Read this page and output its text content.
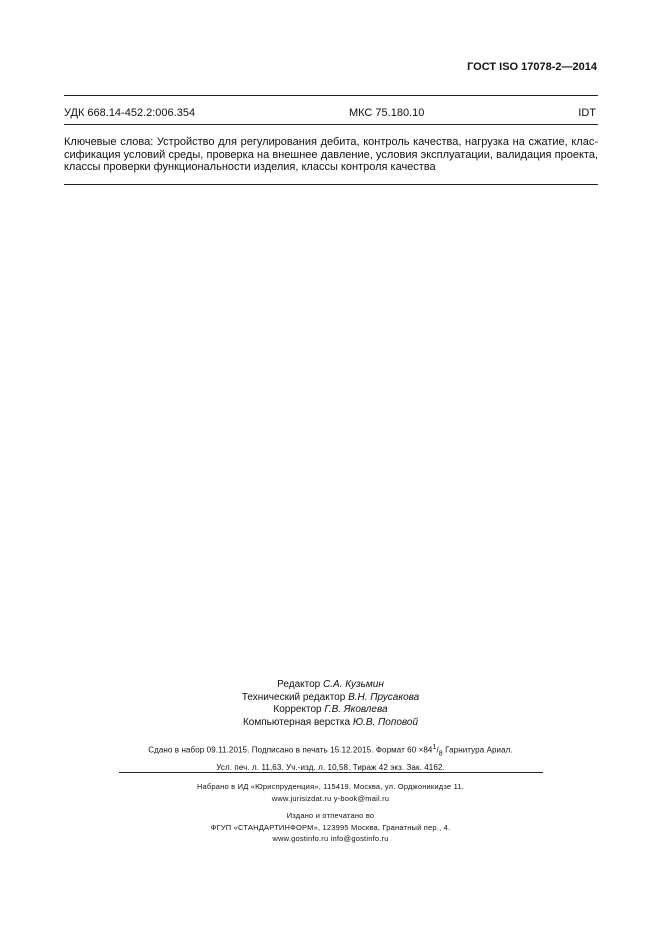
ГОСТ ISO 17078-2—2014
УДК 668.14-452.2:006.354	МКС 75.180.10	IDT
Ключевые слова: Устройство для регулирования дебита, контроль качества, нагрузка на сжатие, клас-
сификация условий среды, проверка на внешнее давление, условия эксплуатации, валидация проекта,
классы проверки функциональности изделия, классы контроля качества
Редактор С.А. Кузьмин
Технический редактор В.Н. Прусакова
Корректор Г.В. Яковлева
Компьютерная верстка Ю.В. Поповой
Сдано в набор 09.11.2015. Подписано в печать 15.12.2015. Формат $60 \times 84^1/_8$ Гарнитура Ариал.
Усл. печ. л. 11,63. Уч.-изд. л. 10,58. Тираж 42 экз. Зак. 4162.
Набрано в ИД «Юриспруденция», 115419, Москва, ул. Орджоникидзе 11.
www.jurisizdat.ru y-book@mail.ru
Издано и отпечатано во
ФГУП «СТАНДАРТИНФОРМ», 123995 Москва, Гранатный пер., 4.
www.gostinfo.ru info@gostinfo.ru
